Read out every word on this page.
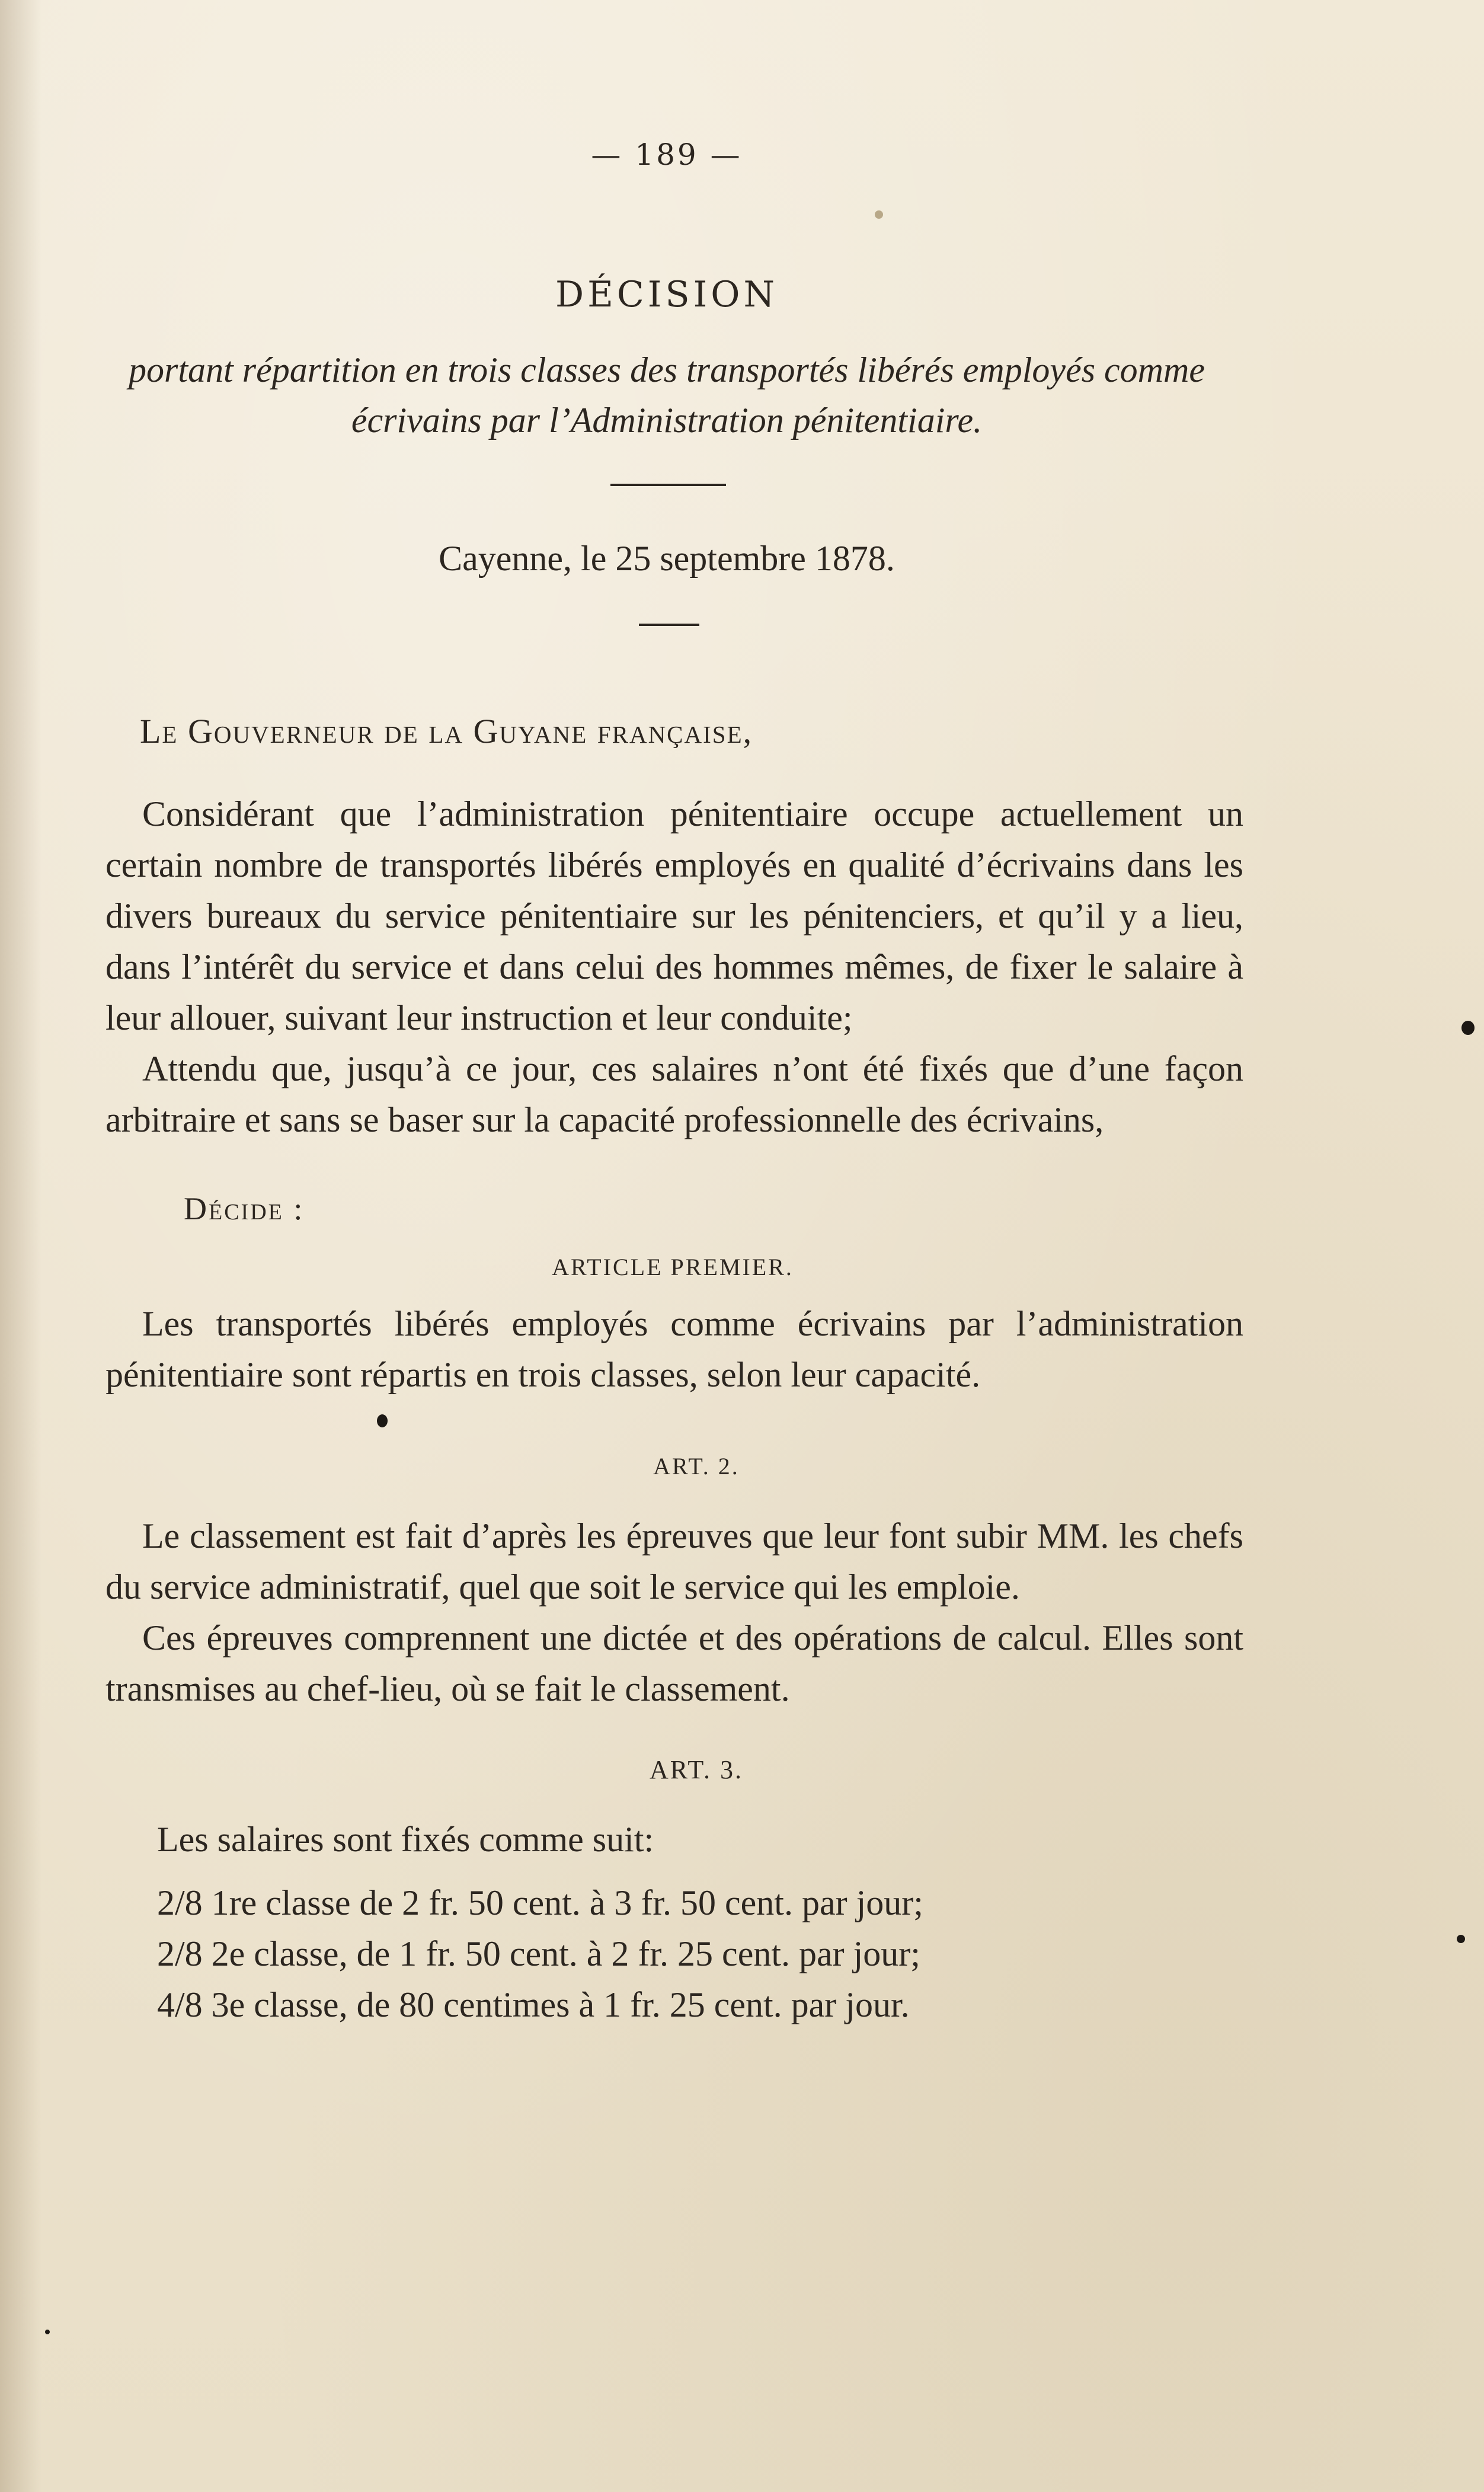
— 189 —
DÉCISION
portant répartition en trois classes des transportés libérés employés comme écrivains par l’Administration pénitentiaire.
Cayenne, le 25 septembre 1878.
Le Gouverneur de la Guyane française,
Considérant que l’administration pénitentiaire occupe actuellement un certain nombre de transportés libérés employés en qualité d’écrivains dans les divers bureaux du service pénitentiaire sur les pénitenciers, et qu’il y a lieu, dans l’intérêt du service et dans celui des hommes mêmes, de fixer le salaire à leur allouer, suivant leur instruction et leur conduite;
Attendu que, jusqu’à ce jour, ces salaires n’ont été fixés que d’une façon arbitraire et sans se baser sur la capacité professionnelle des écrivains,
Décide :
ARTICLE PREMIER.
Les transportés libérés employés comme écrivains par l’administration pénitentiaire sont répartis en trois classes, selon leur capacité.
ART. 2.
Le classement est fait d’après les épreuves que leur font subir MM. les chefs du service administratif, quel que soit le service qui les emploie.
Ces épreuves comprennent une dictée et des opérations de calcul. Elles sont transmises au chef-lieu, où se fait le classement.
ART. 3.
Les salaires sont fixés comme suit:
2/8 1re classe de 2 fr. 50 cent. à 3 fr. 50 cent. par jour;
2/8 2e classe, de 1 fr. 50 cent. à 2 fr. 25 cent. par jour;
4/8 3e classe, de 80 centimes à 1 fr. 25 cent. par jour.
